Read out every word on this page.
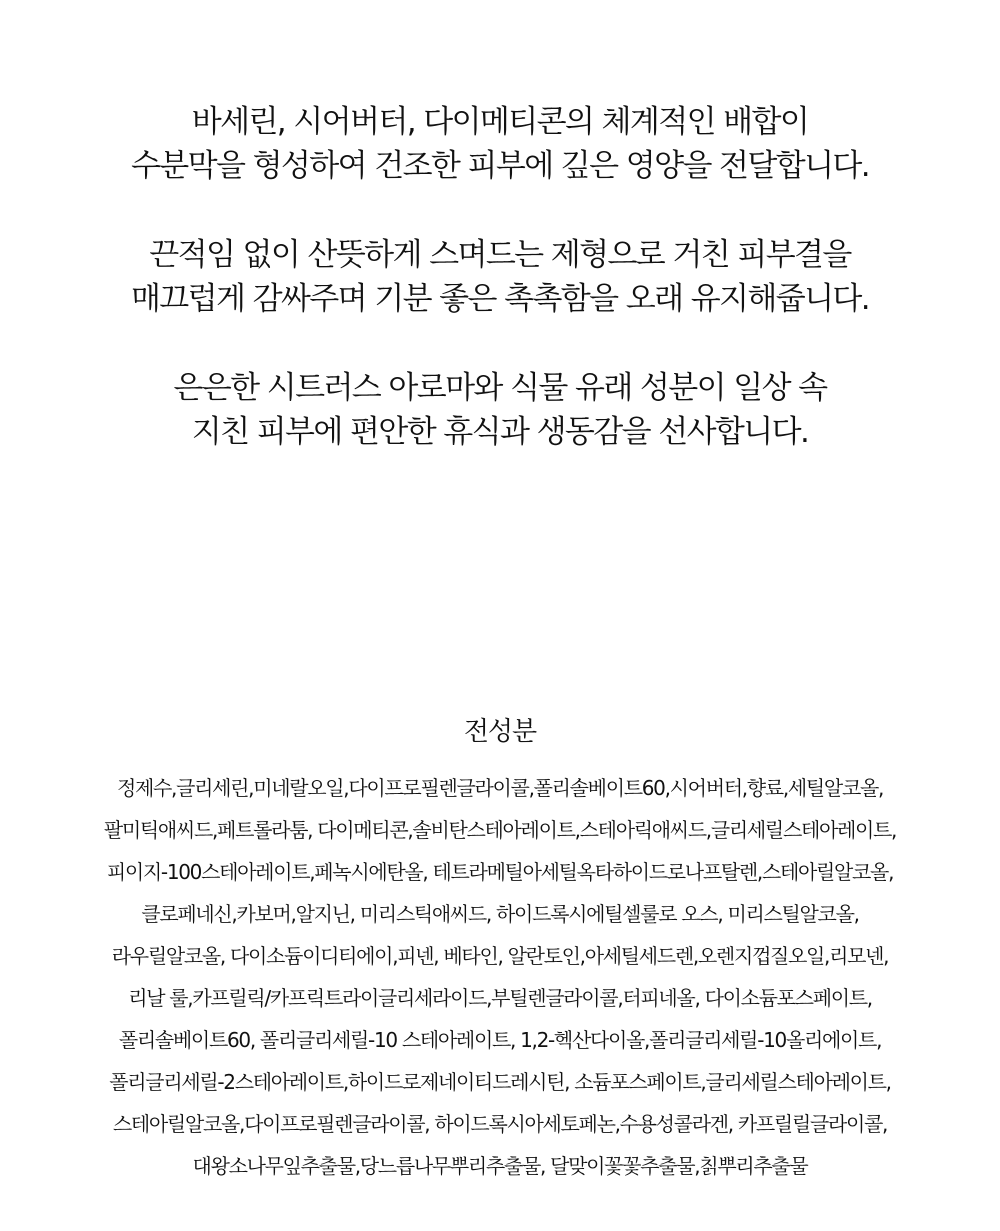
바세린, 시어버터, 다이메티콘의 체계적인 배합이
수분막을 형성하여 건조한 피부에 깊은 영양을 전달합니다.

끈적임 없이 산뜻하게 스며드는 제형으로 거친 피부결을
매끄럽게 감싸주며 기분 좋은 촉촉함을 오래 유지해줍니다.

은은한 시트러스 아로마와 식물 유래 성분이 일상 속
지친 피부에 편안한 휴식과 생동감을 선사합니다.

전성분
정제수,글리세린,미네랄오일,다이프로필렌글라이콜,폴리솔베이트60,시어버터,향료,세틸알코올,
팔미틱애씨드,페트롤라툼, 다이메티콘,솔비탄스테아레이트,스테아릭애씨드,글리세릴스테아레이트,
피이지-100스테아레이트,페녹시에탄올, 테트라메틸아세틸옥타하이드로나프탈렌,스테아릴알코올,
클로페네신,카보머,알지닌, 미리스틱애씨드, 하이드록시에틸셀룰로 오스, 미리스틸알코올,
라우릴알코올, 다이소듐이디티에이,피넨, 베타인, 알란토인,아세틸세드렌,오렌지껍질오일,리모넨,
리날 룰,카프릴릭/카프릭트라이글리세라이드,부틸렌글라이콜,터피네올, 다이소듐포스페이트,
폴리솔베이트60, 폴리글리세릴-10 스테아레이트, 1,2-헥산다이올,폴리글리세릴-10올리에이트,
폴리글리세릴-2스테아레이트,하이드로제네이티드레시틴, 소듐포스페이트,글리세릴스테아레이트,
스테아릴알코올,다이프로필렌글라이콜, 하이드록시아세토페논,수용성콜라겐, 카프릴릴글라이콜,
대왕소나무잎추출물,당느릅나무뿌리추출물, 달맞이꽃꽃추출물,칡뿌리추출물
